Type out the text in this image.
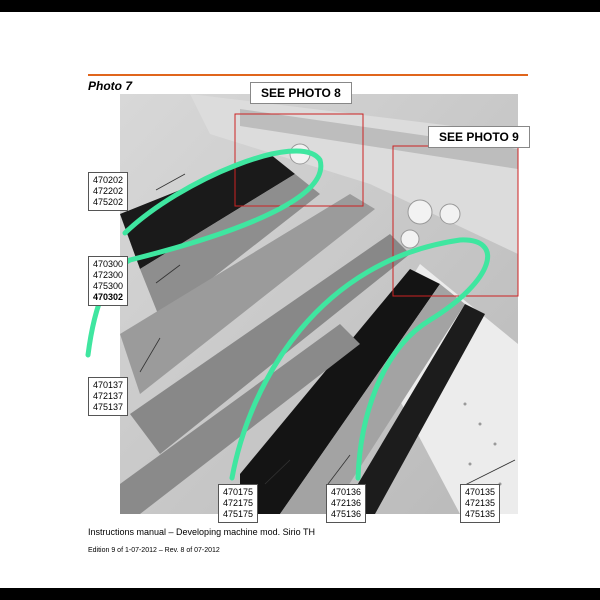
Photo 7	SEE PHOTO 8
SEE PHOTO 9
470202
472202
475202
470300
472300
475300
470302
470137
472137
475137
470175
472175
475175
470136
472136
475136
470135
472135
475135
Instructions manual – Developing machine mod. Sirio TH
Edition 9 of 1-07-2012 – Rev. 8 of 07-2012
